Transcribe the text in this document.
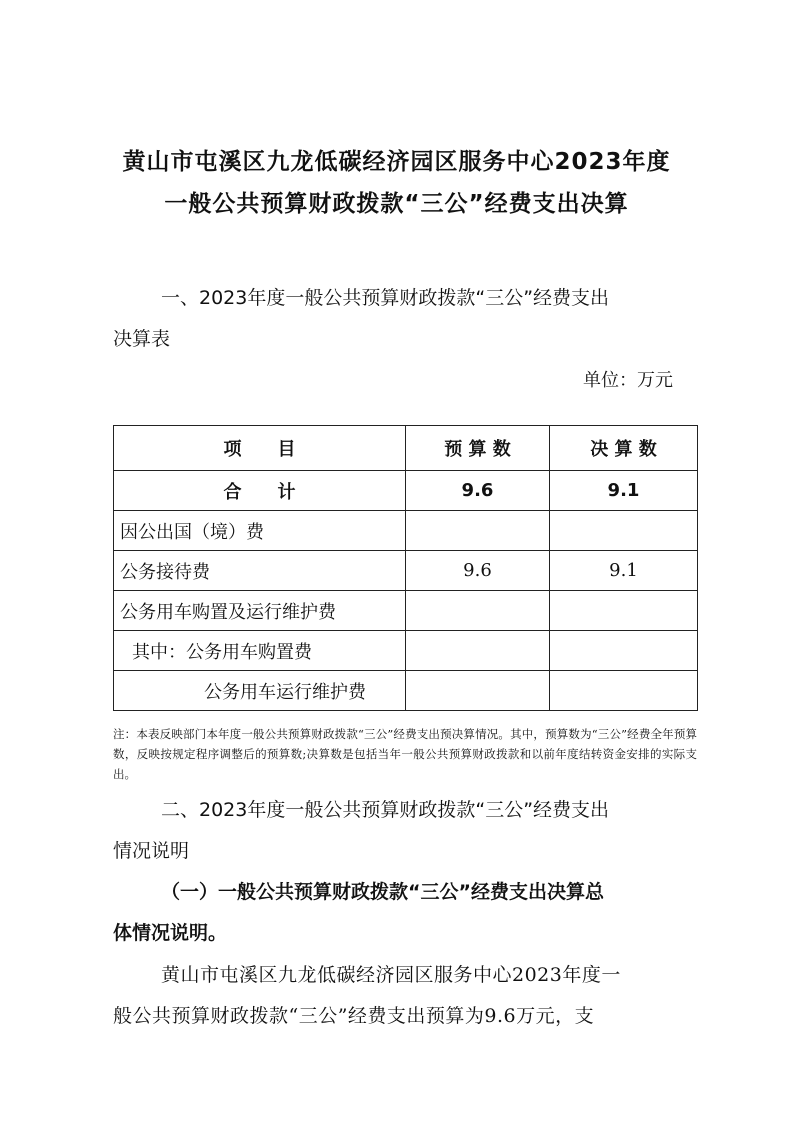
黄山市屯溪区九龙低碳经济园区服务中心2023年度
一般公共预算财政拨款“三公”经费支出决算
一、2023年度一般公共预算财政拨款“三公”经费支出
决算表
单位：万元
项　　目	预 算 数	决 算 数
合　　计	9.6	9.1
因公出国（境）费		
公务接待费	9.6	9.1
公务用车购置及运行维护费		
其中：公务用车购置费		
公务用车运行维护费		
注：本表反映部门本年度一般公共预算财政拨款“三公”经费支出预决算情况。其中，预算数为“三公”经费全年预算数，反映按规定程序调整后的预算数;决算数是包括当年一般公共预算财政拨款和以前年度结转资金安排的实际支出。
二、2023年度一般公共预算财政拨款“三公”经费支出
情况说明
（一）一般公共预算财政拨款“三公”经费支出决算总
体情况说明。
黄山市屯溪区九龙低碳经济园区服务中心2023年度一
般公共预算财政拨款“三公”经费支出预算为9.6万元，支
